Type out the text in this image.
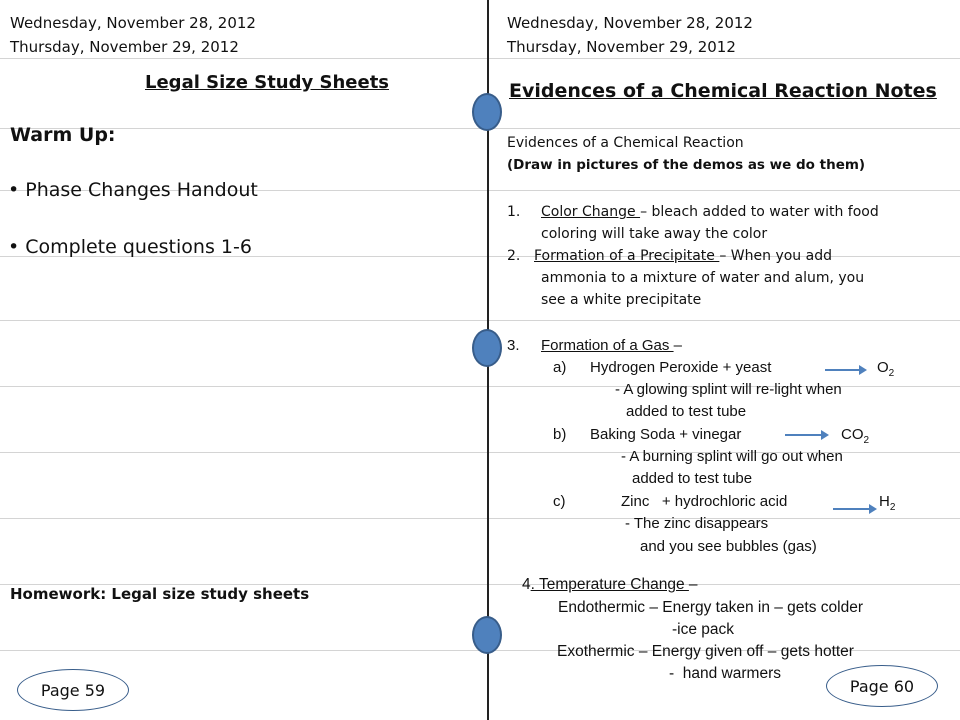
Wednesday, November 28, 2012
Thursday, November 29, 2012
Legal Size Study Sheets
Warm Up:
• Phase Changes Handout
• Complete questions 1-6
Homework: Legal size study sheets
Page 59
Wednesday, November 28, 2012
Thursday, November 29, 2012
Evidences of a Chemical Reaction Notes
Evidences of a Chemical Reaction
(Draw in pictures of the demos as we do them)
1. Color Change – bleach added to water with food
coloring will take away the color
2. Formation of a Precipitate – When you add
ammonia to a mixture of water and alum, you
see a white precipitate
3. Formation of a Gas –
a) Hydrogen Peroxide + yeast	$O_2$
- A glowing splint will re-light when
added to test tube
b) Baking Soda + vinegar	$CO_2$
- A burning splint will go out when
added to test tube
c)	Zinc   + hydrochloric acid	$H_2$
- The zinc disappears
and you see bubbles (gas)
4. Temperature Change –
Endothermic – Energy taken in – gets colder
-ice pack
Exothermic – Energy given off – gets hotter
-  hand warmers
Page 60
